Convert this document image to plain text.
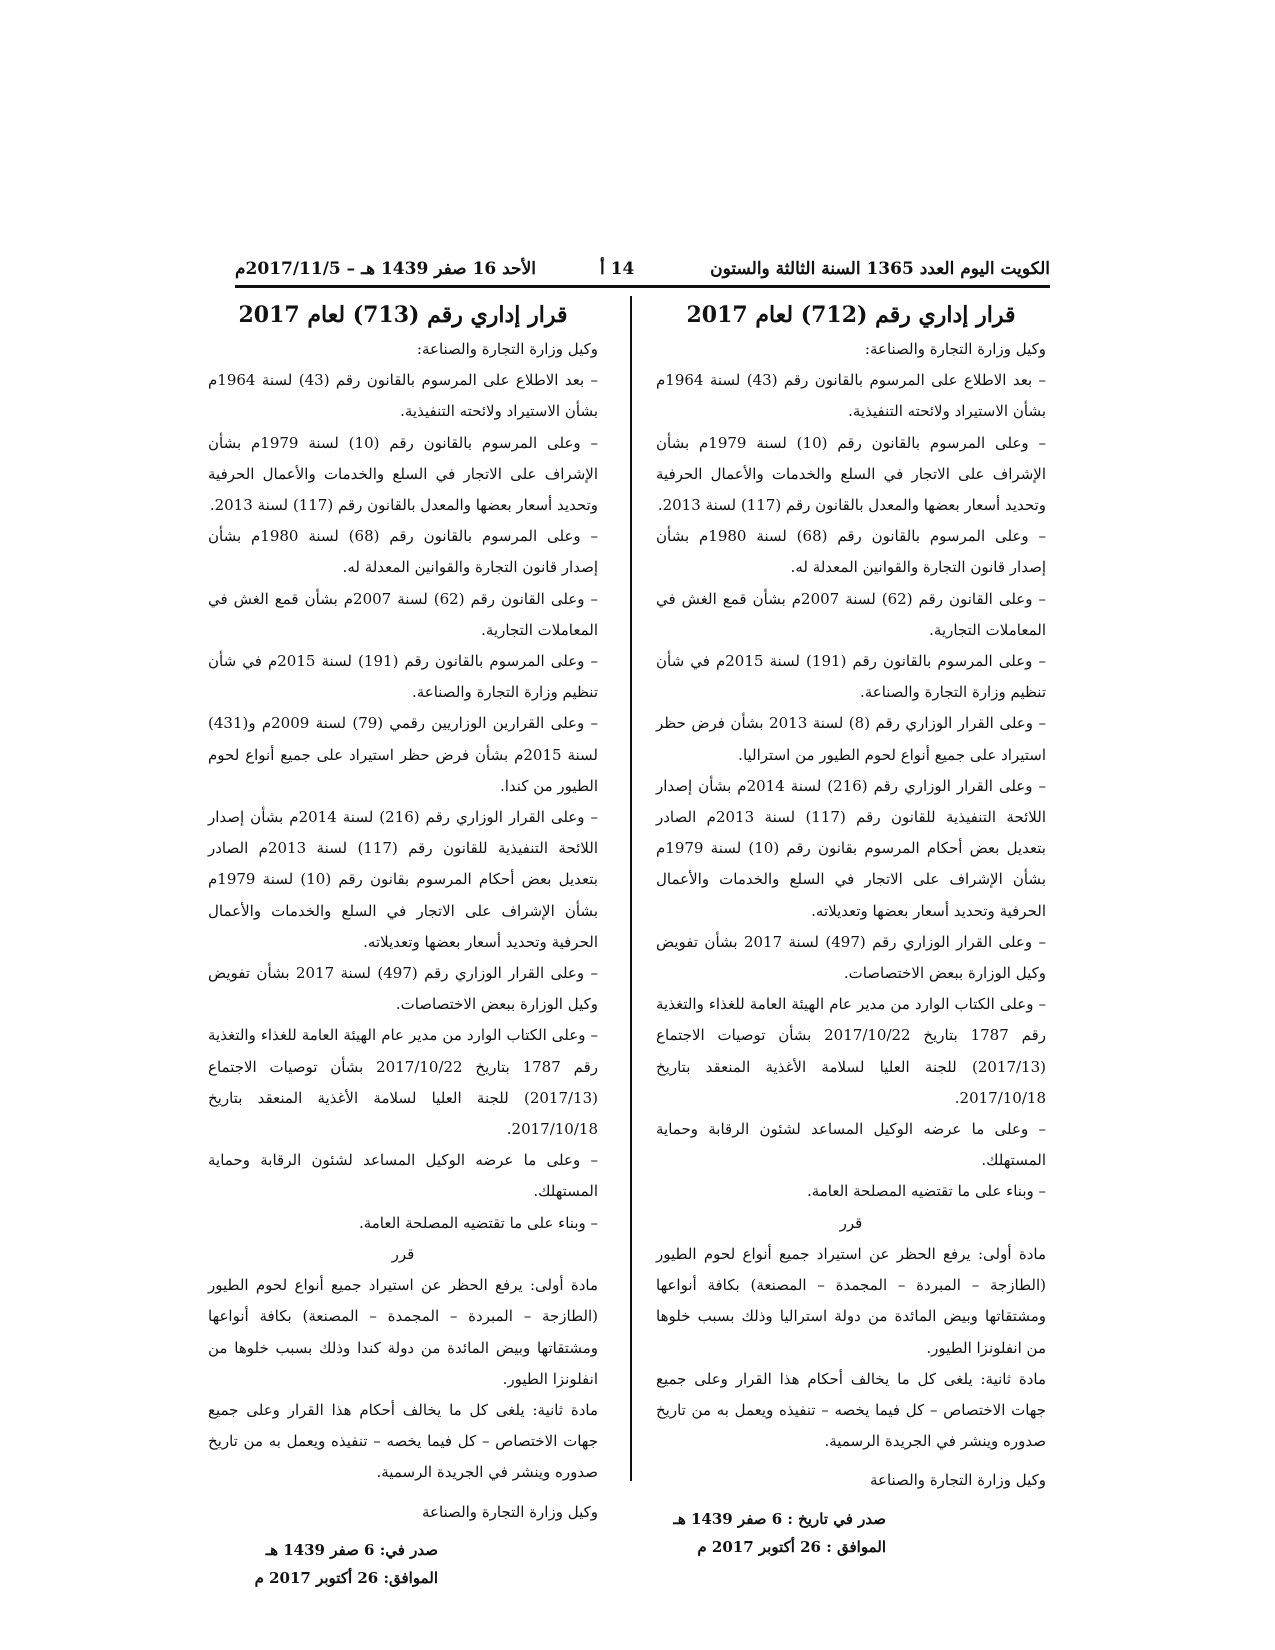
الكويت اليوم العدد 1365 السنة الثالثة والستون
14 أ
الأحد 16 صفر 1439 هـ – 2017/11/5م
قرار إداري رقم (712) لعام 2017

وكيل وزارة التجارة والصناعة:

– بعد الاطلاع على المرسوم بالقانون رقم (43) لسنة 1964م بشأن الاستيراد ولائحته التنفيذية.

– وعلى المرسوم بالقانون رقم (10) لسنة 1979م بشأن الإشراف على الاتجار في السلع والخدمات والأعمال الحرفية وتحديد أسعار بعضها والمعدل بالقانون رقم (117) لسنة 2013.

– وعلى المرسوم بالقانون رقم (68) لسنة 1980م بشأن إصدار قانون التجارة والقوانين المعدلة له.

– وعلى القانون رقم (62) لسنة 2007م بشأن قمع الغش في المعاملات التجارية.

– وعلى المرسوم بالقانون رقم (191) لسنة 2015م في شأن تنظيم وزارة التجارة والصناعة.

– وعلى القرار الوزاري رقم (8) لسنة 2013 بشأن فرض حظر استيراد على جميع أنواع لحوم الطيور من استراليا.

– وعلى القرار الوزاري رقم (216) لسنة 2014م بشأن إصدار اللائحة التنفيذية للقانون رقم (117) لسنة 2013م الصادر بتعديل بعض أحكام المرسوم بقانون رقم (10) لسنة 1979م بشأن الإشراف على الاتجار في السلع والخدمات والأعمال الحرفية وتحديد أسعار بعضها وتعديلاته.

– وعلى القرار الوزاري رقم (497) لسنة 2017 بشأن تفويض وكيل الوزارة ببعض الاختصاصات.

– وعلى الكتاب الوارد من مدير عام الهيئة العامة للغذاء والتغذية رقم 1787 بتاريخ 2017/10/22 بشأن توصيات الاجتماع (2017/13) للجنة العليا لسلامة الأغذية المنعقد بتاريخ 2017/10/18.

– وعلى ما عرضه الوكيل المساعد لشئون الرقابة وحماية المستهلك.

– وبناء على ما تقتضيه المصلحة العامة.

قرر

مادة أولى: يرفع الحظر عن استيراد جميع أنواع لحوم الطيور (الطازجة – المبردة – المجمدة – المصنعة) بكافة أنواعها ومشتقاتها وبيض المائدة من دولة استراليا وذلك بسبب خلوها من انفلونزا الطيور.

مادة ثانية: يلغى كل ما يخالف أحكام هذا القرار وعلى جميع جهات الاختصاص – كل فيما يخصه – تنفيذه ويعمل به من تاريخ صدوره وينشر في الجريدة الرسمية.

وكيل وزارة التجارة والصناعة

صدر في تاريخ : 6 صفر 1439 هـ
الموافق : 26 أكتوبر 2017 م
قرار إداري رقم (713) لعام 2017

وكيل وزارة التجارة والصناعة:

– بعد الاطلاع على المرسوم بالقانون رقم (43) لسنة 1964م بشأن الاستيراد ولائحته التنفيذية.

– وعلى المرسوم بالقانون رقم (10) لسنة 1979م بشأن الإشراف على الاتجار في السلع والخدمات والأعمال الحرفية وتحديد أسعار بعضها والمعدل بالقانون رقم (117) لسنة 2013.

– وعلى المرسوم بالقانون رقم (68) لسنة 1980م بشأن إصدار قانون التجارة والقوانين المعدلة له.

– وعلى القانون رقم (62) لسنة 2007م بشأن قمع الغش في المعاملات التجارية.

– وعلى المرسوم بالقانون رقم (191) لسنة 2015م في شأن تنظيم وزارة التجارة والصناعة.

– وعلى القرارين الوزاريين رقمي (79) لسنة 2009م و(431) لسنة 2015م بشأن فرض حظر استيراد على جميع أنواع لحوم الطيور من كندا.

– وعلى القرار الوزاري رقم (216) لسنة 2014م بشأن إصدار اللائحة التنفيذية للقانون رقم (117) لسنة 2013م الصادر بتعديل بعض أحكام المرسوم بقانون رقم (10) لسنة 1979م بشأن الإشراف على الاتجار في السلع والخدمات والأعمال الحرفية وتحديد أسعار بعضها وتعديلاته.

– وعلى القرار الوزاري رقم (497) لسنة 2017 بشأن تفويض وكيل الوزارة ببعض الاختصاصات.

– وعلى الكتاب الوارد من مدير عام الهيئة العامة للغذاء والتغذية رقم 1787 بتاريخ 2017/10/22 بشأن توصيات الاجتماع (2017/13) للجنة العليا لسلامة الأغذية المنعقد بتاريخ 2017/10/18.

– وعلى ما عرضه الوكيل المساعد لشئون الرقابة وحماية المستهلك.

– وبناء على ما تقتضيه المصلحة العامة.

قرر

مادة أولى: يرفع الحظر عن استيراد جميع أنواع لحوم الطيور (الطازجة – المبردة – المجمدة – المصنعة) بكافة أنواعها ومشتقاتها وبيض المائدة من دولة كندا وذلك بسبب خلوها من انفلونزا الطيور.

مادة ثانية: يلغى كل ما يخالف أحكام هذا القرار وعلى جميع جهات الاختصاص – كل فيما يخصه – تنفيذه ويعمل به من تاريخ صدوره وينشر في الجريدة الرسمية.

وكيل وزارة التجارة والصناعة

صدر في: 6 صفر 1439 هـ
الموافق: 26 أكتوبر 2017 م
